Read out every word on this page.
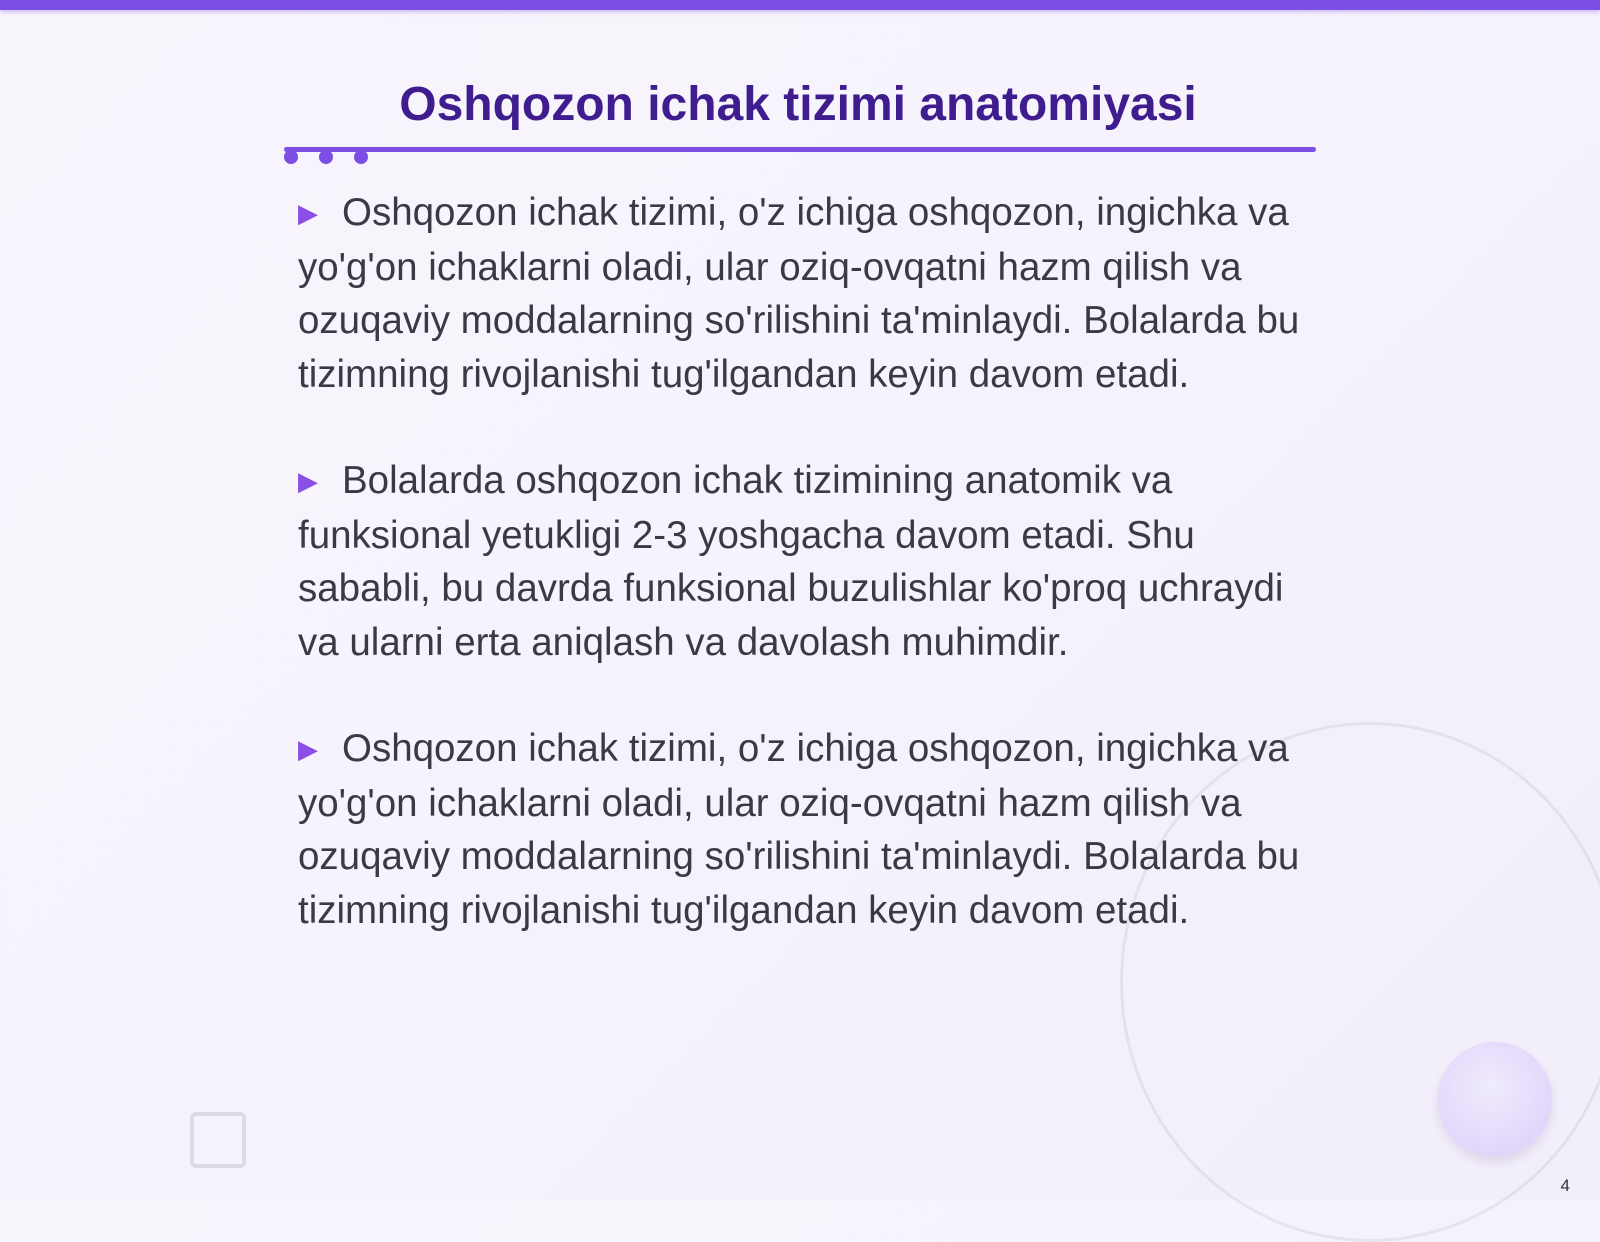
Oshqozon ichak tizimi anatomiyasi

▶ Oshqozon ichak tizimi, o'z ichiga oshqozon, ingichka va yo'g'on ichaklarni oladi, ular oziq-ovqatni hazm qilish va ozuqaviy moddalarning so'rilishini ta'minlaydi. Bolalarda bu tizimning rivojlanishi tug'ilgandan keyin davom etadi.

▶ Bolalarda oshqozon ichak tizimining anatomik va funksional yetukligi 2-3 yoshgacha davom etadi. Shu sababli, bu davrda funksional buzulishlar ko'proq uchraydi va ularni erta aniqlash va davolash muhimdir.

▶ Oshqozon ichak tizimi, o'z ichiga oshqozon, ingichka va yo'g'on ichaklarni oladi, ular oziq-ovqatni hazm qilish va ozuqaviy moddalarning so'rilishini ta'minlaydi. Bolalarda bu tizimning rivojlanishi tug'ilgandan keyin davom etadi.

4
